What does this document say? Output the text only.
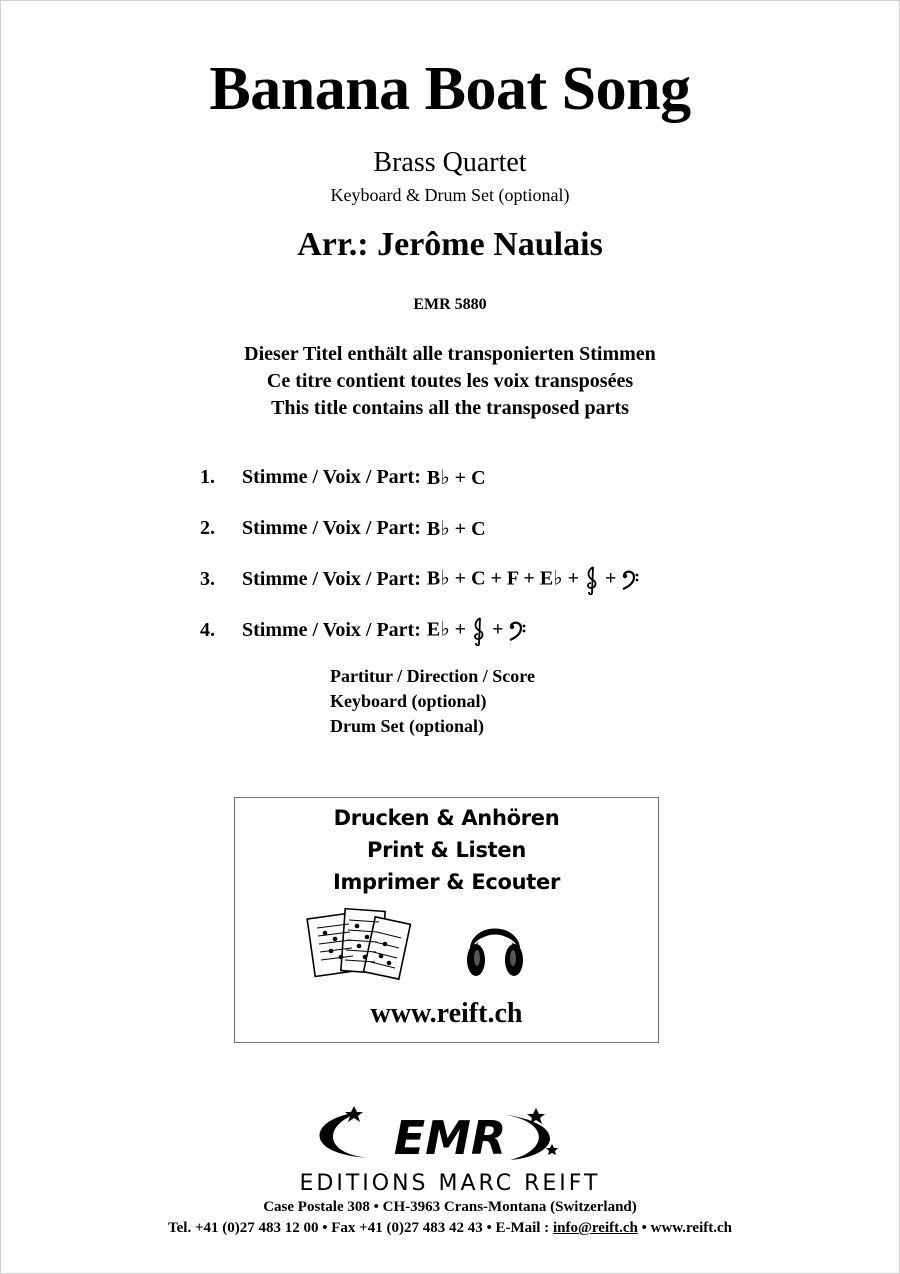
Banana Boat Song
Brass Quartet
Keyboard & Drum Set (optional)
Arr.: Jerôme Naulais
EMR 5880
Dieser Titel enthält alle transponierten Stimmen
Ce titre contient toutes les voix transposées
This title contains all the transposed parts
1.	Stimme / Voix / Part: B♭ + C
2.	Stimme / Voix / Part: B♭ + C
3.	Stimme / Voix / Part: B♭ + C + F + E♭ +  +
4.	Stimme / Voix / Part: E♭ +  +
Partitur / Direction / Score
Keyboard (optional)
Drum Set (optional)
Drucken & Anhören
Print & Listen
Imprimer & Ecouter
www.reift.ch
EMR
EDITIONS MARC REIFT
Case Postale 308 • CH-3963 Crans-Montana (Switzerland)
Tel. +41 (0)27 483 12 00 • Fax +41 (0)27 483 42 43 • E-Mail : info@reift.ch • www.reift.ch
